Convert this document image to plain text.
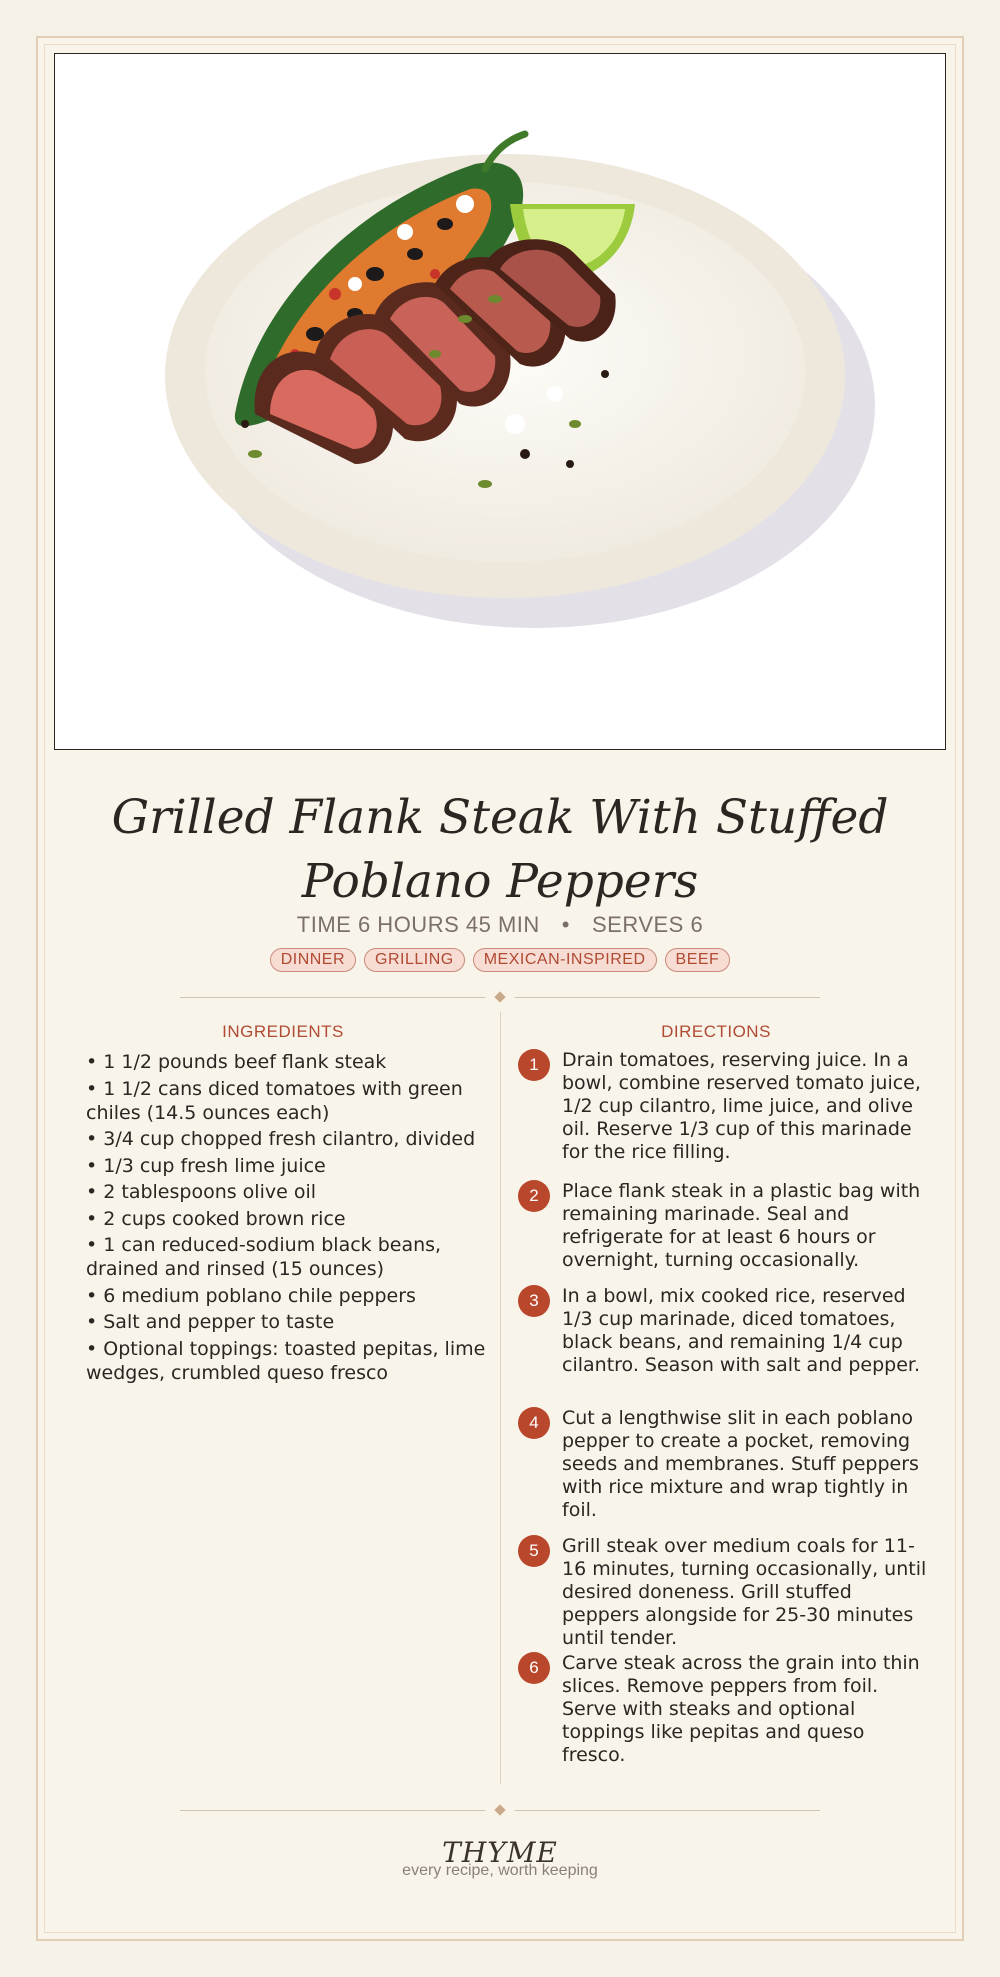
Grilled Flank Steak With Stuffed Poblano Peppers
TIME 6 HOURS 45 MIN • SERVES 6
DINNER GRILLING MEXICAN-INSPIRED BEEF
INGREDIENTS
• 1 1/2 pounds beef flank steak
• 1 1/2 cans diced tomatoes with green chiles (14.5 ounces each)
• 3/4 cup chopped fresh cilantro, divided
• 1/3 cup fresh lime juice
• 2 tablespoons olive oil
• 2 cups cooked brown rice
• 1 can reduced-sodium black beans, drained and rinsed (15 ounces)
• 6 medium poblano chile peppers
• Salt and pepper to taste
• Optional toppings: toasted pepitas, lime wedges, crumbled queso fresco
DIRECTIONS
1	Drain tomatoes, reserving juice. In a bowl, combine reserved tomato juice, 1/2 cup cilantro, lime juice, and olive oil. Reserve 1/3 cup of this marinade for the rice filling.
2	Place flank steak in a plastic bag with remaining marinade. Seal and refrigerate for at least 6 hours or overnight, turning occasionally.
3	In a bowl, mix cooked rice, reserved 1/3 cup marinade, diced tomatoes, black beans, and remaining 1/4 cup cilantro. Season with salt and pepper.
4	Cut a lengthwise slit in each poblano pepper to create a pocket, removing seeds and membranes. Stuff peppers with rice mixture and wrap tightly in foil.
5	Grill steak over medium coals for 11-16 minutes, turning occasionally, until desired doneness. Grill stuffed peppers alongside for 25-30 minutes until tender.
6	Carve steak across the grain into thin slices. Remove peppers from foil. Serve with steaks and optional toppings like pepitas and queso fresco.
THYME
every recipe, worth keeping
